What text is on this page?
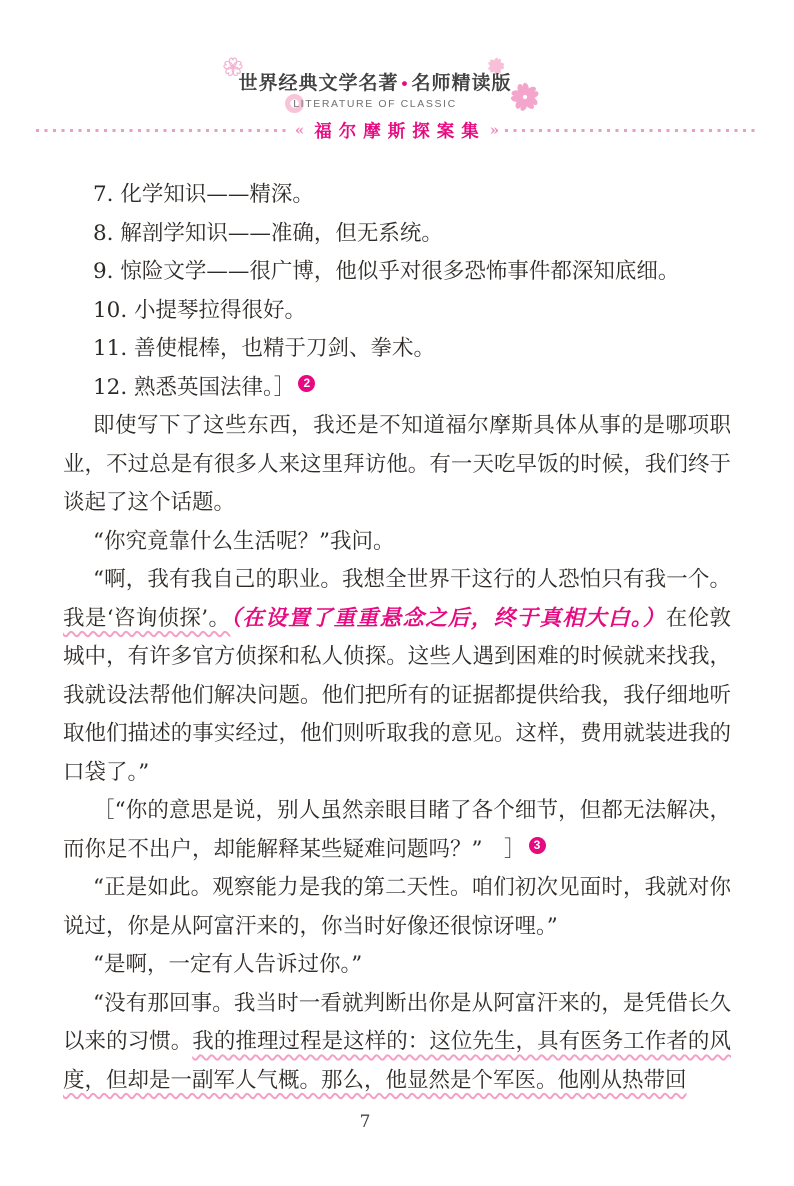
世界经典文学名著 • 名师精读版
LITERATURE OF CLASSIC
« 福尔摩斯探案集 »

7. 化学知识——精深。

8. 解剖学知识——准确，但无系统。

9. 惊险文学——很广博，他似乎对很多恐怖事件都深知底细。

10. 小提琴拉得很好。

11. 善使棍棒，也精于刀剑、拳术。

12. 熟悉英国法律。］ 2

即使写下了这些东西，我还是不知道福尔摩斯具体从事的是哪项职业，不过总是有很多人来这里拜访他。有一天吃早饭的时候，我们终于谈起了这个话题。

“你究竟靠什么生活呢？”我问。

“啊，我有我自己的职业。我想全世界干这行的人恐怕只有我一个。我是‘咨询侦探’。（在设置了重重悬念之后，终于真相大白。）在伦敦城中，有许多官方侦探和私人侦探。这些人遇到困难的时候就来找我，我就设法帮他们解决问题。他们把所有的证据都提供给我，我仔细地听取他们描述的事实经过，他们则听取我的意见。这样，费用就装进我的口袋了。”

［“你的意思是说，别人虽然亲眼目睹了各个细节，但都无法解决，而你足不出户，却能解释某些疑难问题吗？”　］ 3

“正是如此。观察能力是我的第二天性。咱们初次见面时，我就对你说过，你是从阿富汗来的，你当时好像还很惊讶哩。”

“是啊，一定有人告诉过你。”

“没有那回事。我当时一看就判断出你是从阿富汗来的，是凭借长久以来的习惯。我的推理过程是这样的：这位先生，具有医务工作者的风度，但却是一副军人气概。那么，他显然是个军医。他刚从热带回

7
